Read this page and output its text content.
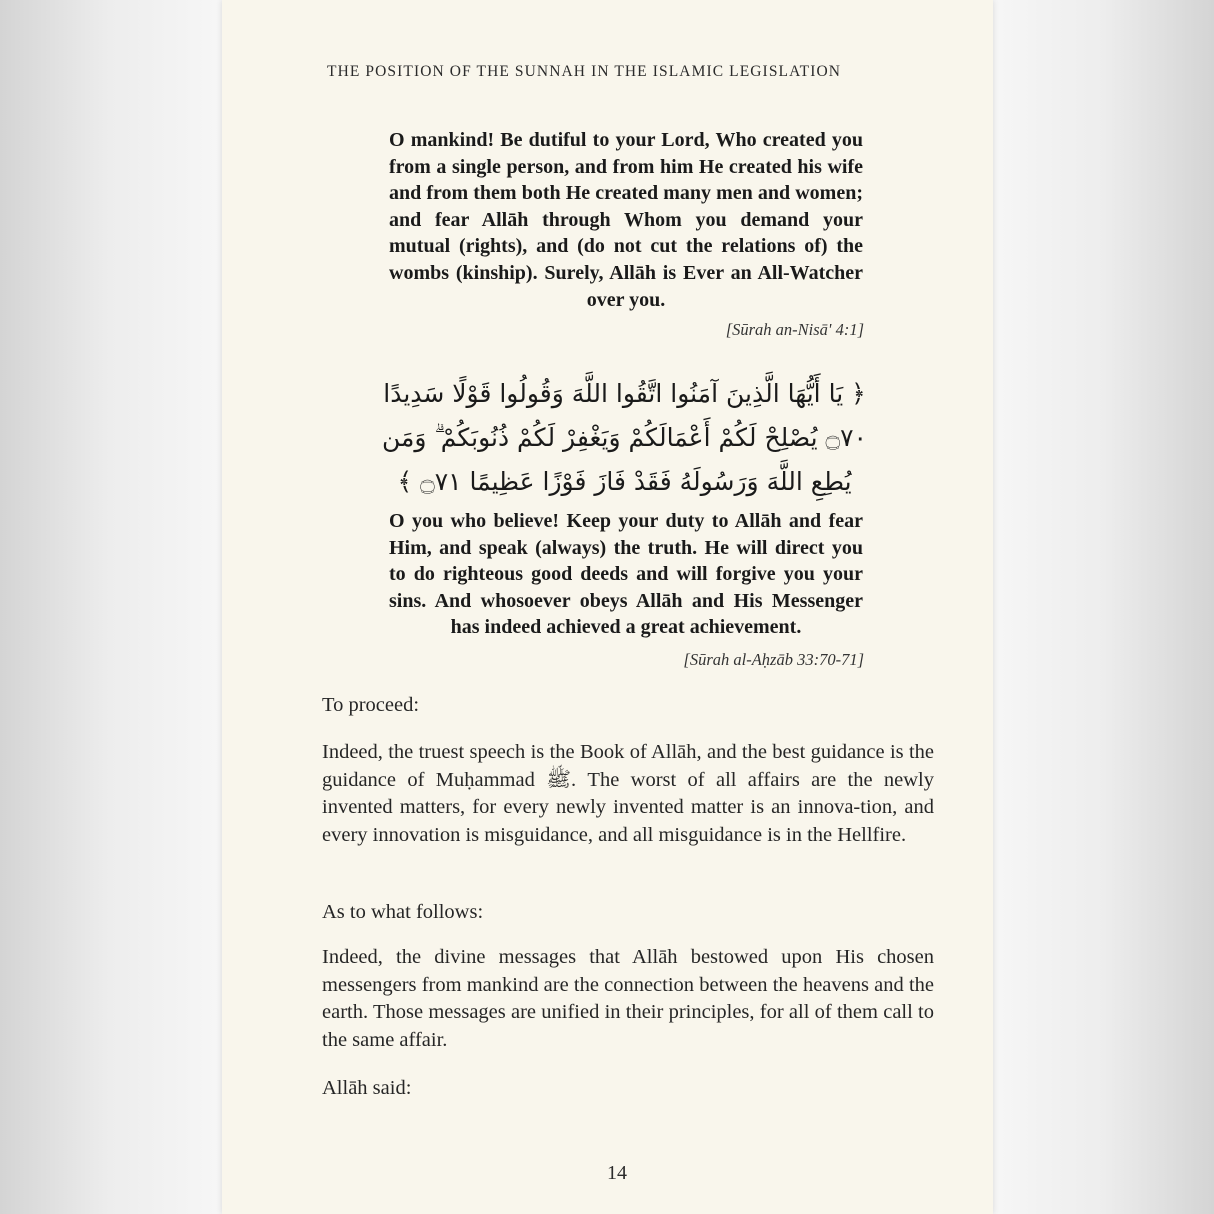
THE POSITION OF THE SUNNAH IN THE ISLAMIC LEGISLATION
O mankind! Be dutiful to your Lord, Who created you from a single person, and from him He created his wife and from them both He created many men and women; and fear Allāh through Whom you demand your mutual (rights), and (do not cut the relations of) the wombs (kinship). Surely, Allāh is Ever an All-Watcher over you.
[Sūrah an-Nisā' 4:1]
﴿ يَا أَيُّهَا الَّذِينَ آمَنُوا اتَّقُوا اللَّهَ وَقُولُوا قَوْلًا سَدِيدًا ۝٧٠ يُصْلِحْ لَكُمْ أَعْمَالَكُمْ وَيَغْفِرْ لَكُمْ ذُنُوبَكُمْ ۗ وَمَن يُطِعِ اللَّهَ وَرَسُولَهُ فَقَدْ فَازَ فَوْزًا عَظِيمًا ۝٧١ ﴾
O you who believe! Keep your duty to Allāh and fear Him, and speak (always) the truth. He will direct you to do righteous good deeds and will forgive you your sins. And whosoever obeys Allāh and His Messenger has indeed achieved a great achievement.
[Sūrah al-Aḥzāb 33:70-71]
To proceed:
Indeed, the truest speech is the Book of Allāh, and the best guidance is the guidance of Muḥammad ﷺ. The worst of all affairs are the newly invented matters, for every newly invented matter is an innova-tion, and every innovation is misguidance, and all misguidance is in the Hellfire.
As to what follows:
Indeed, the divine messages that Allāh bestowed upon His chosen messengers from mankind are the connection between the heavens and the earth. Those messages are unified in their principles, for all of them call to the same affair.
Allāh said:
14
